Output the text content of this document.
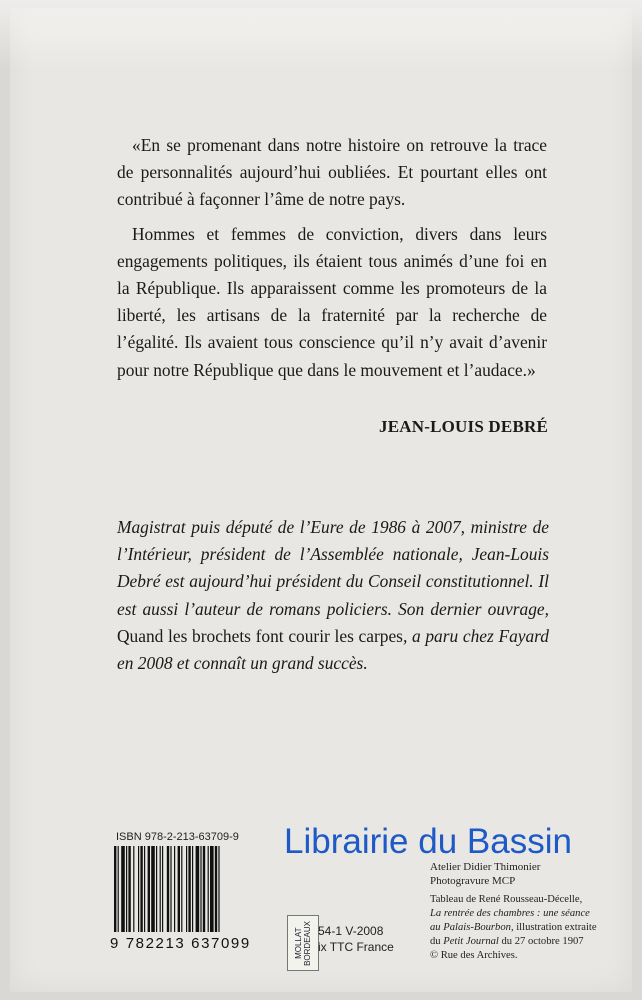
«En se promenant dans notre histoire on retrouve la trace de personnalités aujourd’hui oubliées. Et pourtant elles ont contribué à façonner l’âme de notre pays.

Hommes et femmes de conviction, divers dans leurs engagements politiques, ils étaient tous animés d’une foi en la République. Ils apparaissent comme les promoteurs de la liberté, les artisans de la fraternité par la recherche de l’égalité. Ils avaient tous conscience qu’il n’y avait d’avenir pour notre République que dans le mouvement et l’audace.»

JEAN-LOUIS DEBRÉ
Magistrat puis député de l’Eure de 1986 à 2007, ministre de l’Intérieur, président de l’Assemblée nationale, Jean-Louis Debré est aujourd’hui président du Conseil constitutionnel. Il est aussi l’auteur de romans policiers. Son dernier ouvrage, Quand les brochets font courir les carpes, a paru chez Fayard en 2008 et connaît un grand succès.
ISBN 978-2-213-63709-9
9 782213 637099	MOLLAT
BORDEAUX 54-1 V-2008
ix TTC France
Atelier Didier Thimonier
Photogravure MCP
Tableau de René Rousseau-Décelle,
La rentrée des chambres : une séance
au Palais-Bourbon, illustration extraite
du Petit Journal du 27 octobre 1907
© Rue des Archives.
Librairie du Bassin
